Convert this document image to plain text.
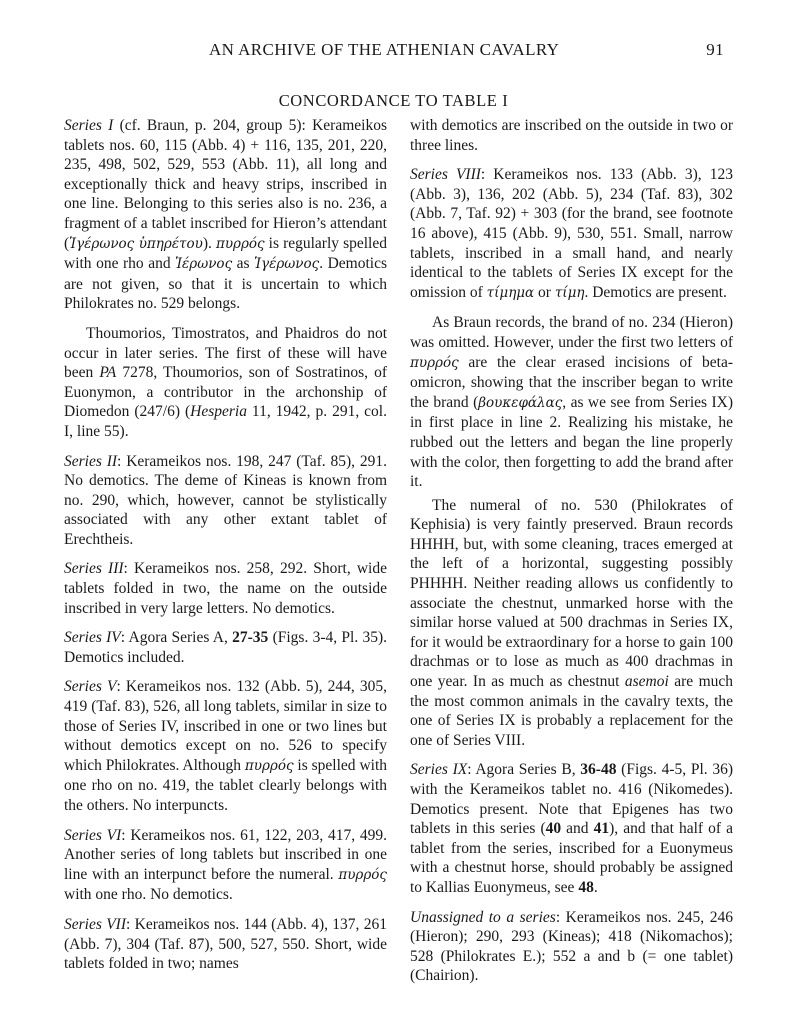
AN ARCHIVE OF THE ATHENIAN CAVALRY	91
CONCORDANCE TO TABLE I

Series I (cf. Braun, p. 204, group 5): Kerameikos tablets nos. 60, 115 (Abb. 4) + 116, 135, 201, 220, 235, 498, 502, 529, 553 (Abb. 11), all long and exceptionally thick and heavy strips, inscribed in one line. Belonging to this series also is no. 236, a fragment of a tablet inscribed for Hieron’s attendant (Ἱγέρωνος ὑπηρέτου). πυρρός is regularly spelled with one rho and Ἱέρωνος as Ἱγέρωνος. Demotics are not given, so that it is uncertain to which Philokrates no. 529 belongs.

Thoumorios, Timostratos, and Phaidros do not occur in later series. The first of these will have been PA 7278, Thoumorios, son of Sostratinos, of Euonymon, a contributor in the archonship of Diomedon (247/6) (Hesperia 11, 1942, p. 291, col. I, line 55).

Series II: Kerameikos nos. 198, 247 (Taf. 85), 291. No demotics. The deme of Kineas is known from no. 290, which, however, cannot be stylistically associated with any other extant tablet of Erechtheis.

Series III: Kerameikos nos. 258, 292. Short, wide tablets folded in two, the name on the outside inscribed in very large letters. No demotics.

Series IV: Agora Series A, 27-35 (Figs. 3-4, Pl. 35). Demotics included.

Series V: Kerameikos nos. 132 (Abb. 5), 244, 305, 419 (Taf. 83), 526, all long tablets, similar in size to those of Series IV, inscribed in one or two lines but without demotics except on no. 526 to specify which Philokrates. Although πυρρός is spelled with one rho on no. 419, the tablet clearly belongs with the others. No interpuncts.

Series VI: Kerameikos nos. 61, 122, 203, 417, 499. Another series of long tablets but inscribed in one line with an interpunct before the numeral. πυρρός with one rho. No demotics.

Series VII: Kerameikos nos. 144 (Abb. 4), 137, 261 (Abb. 7), 304 (Taf. 87), 500, 527, 550. Short, wide tablets folded in two; names

with demotics are inscribed on the outside in two or three lines.

Series VIII: Kerameikos nos. 133 (Abb. 3), 123 (Abb. 3), 136, 202 (Abb. 5), 234 (Taf. 83), 302 (Abb. 7, Taf. 92) + 303 (for the brand, see footnote 16 above), 415 (Abb. 9), 530, 551. Small, narrow tablets, inscribed in a small hand, and nearly identical to the tablets of Series IX except for the omission of τίμημα or τίμη. Demotics are present.

As Braun records, the brand of no. 234 (Hieron) was omitted. However, under the first two letters of πυρρός are the clear erased incisions of beta-omicron, showing that the inscriber began to write the brand (βουκεφάλας, as we see from Series IX) in first place in line 2. Realizing his mistake, he rubbed out the letters and began the line properly with the color, then forgetting to add the brand after it.

The numeral of no. 530 (Philokrates of Kephisia) is very faintly preserved. Braun records ΗΗΗΗ, but, with some cleaning, traces emerged at the left of a horizontal, suggesting possibly ΡΗΗΗΗ. Neither reading allows us confidently to associate the chestnut, unmarked horse with the similar horse valued at 500 drachmas in Series IX, for it would be extraordinary for a horse to gain 100 drachmas or to lose as much as 400 drachmas in one year. In as much as chestnut asemoi are much the most common animals in the cavalry texts, the one of Series IX is probably a replacement for the one of Series VIII.

Series IX: Agora Series B, 36-48 (Figs. 4-5, Pl. 36) with the Kerameikos tablet no. 416 (Nikomedes). Demotics present. Note that Epigenes has two tablets in this series (40 and 41), and that half of a tablet from the series, inscribed for a Euonymeus with a chestnut horse, should probably be assigned to Kallias Euonymeus, see 48.

Unassigned to a series: Kerameikos nos. 245, 246 (Hieron); 290, 293 (Kineas); 418 (Nikomachos); 528 (Philokrates E.); 552 a and b (= one tablet) (Chairion).
